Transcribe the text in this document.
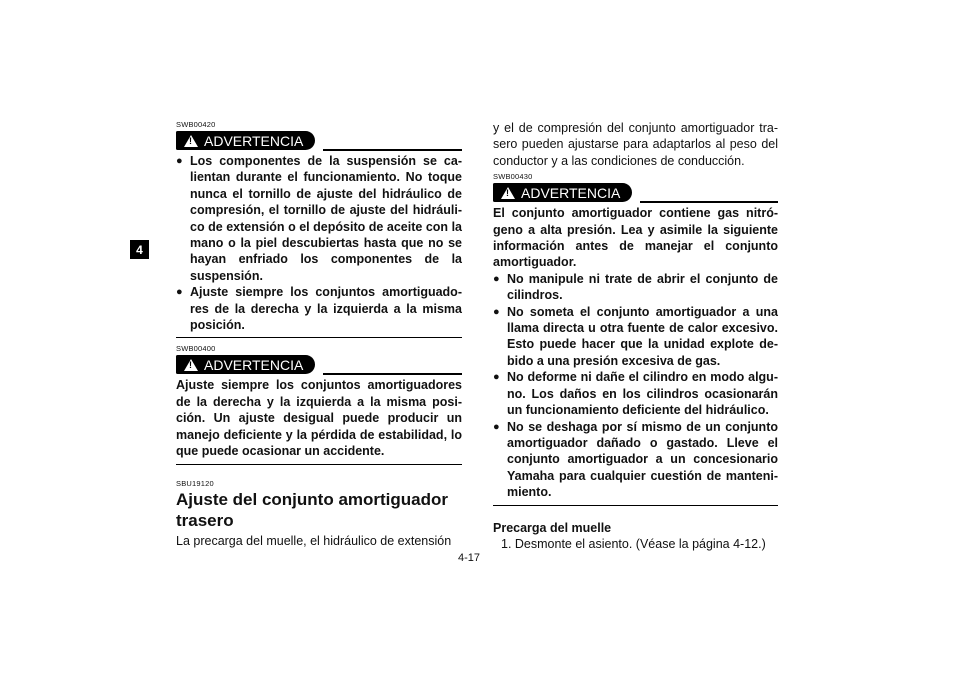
4
SWB00420
! ADVERTENCIA
● Los componentes de la suspensión se ca-lientan durante el funcionamiento. No toque nunca el tornillo de ajuste del hidráulico de compresión, el tornillo de ajuste del hidráuli-co de extensión o el depósito de aceite con la mano o la piel descubiertas hasta que no se hayan enfriado los componentes de la suspensión.
● Ajuste siempre los conjuntos amortiguado-res de la derecha y la izquierda a la misma posición.
SWB00400
! ADVERTENCIA
Ajuste siempre los conjuntos amortiguadores de la derecha y la izquierda a la misma posi-ción. Un ajuste desigual puede producir un manejo deficiente y la pérdida de estabilidad, lo que puede ocasionar un accidente.
SBU19120
Ajuste del conjunto amortiguador trasero
La precarga del muelle, el hidráulico de extensión
y el de compresión del conjunto amortiguador tra-sero pueden ajustarse para adaptarlos al peso del conductor y a las condiciones de conducción.
SWB00430
! ADVERTENCIA
El conjunto amortiguador contiene gas nitró-geno a alta presión. Lea y asimile la siguiente información antes de manejar el conjunto amortiguador.
● No manipule ni trate de abrir el conjunto de cilindros.
● No someta el conjunto amortiguador a una llama directa u otra fuente de calor excesivo. Esto puede hacer que la unidad explote de-bido a una presión excesiva de gas.
● No deforme ni dañe el cilindro en modo algu-no. Los daños en los cilindros ocasionarán un funcionamiento deficiente del hidráulico.
● No se deshaga por sí mismo de un conjunto amortiguador dañado o gastado. Lleve el conjunto amortiguador a un concesionario Yamaha para cualquier cuestión de manteni-miento.
Precarga del muelle
1. Desmonte el asiento. (Véase la página 4-12.)
4-17
